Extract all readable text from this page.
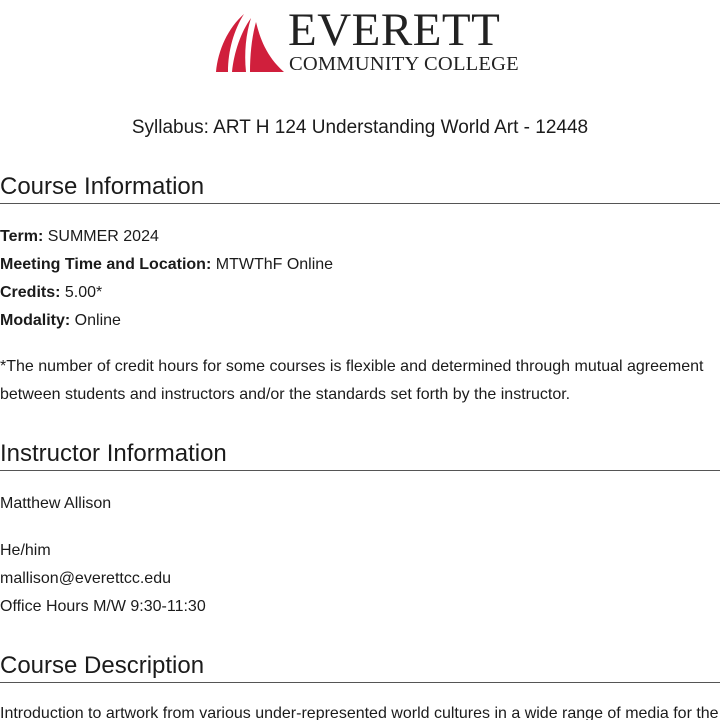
EVERETT
COMMUNITY COLLEGE
Syllabus: ART H 124 Understanding World Art - 12448
Course Information
Term: SUMMER 2024
Meeting Time and Location: MTWThF Online
Credits: 5.00*
Modality: Online
*The number of credit hours for some courses is flexible and determined through mutual agreement between students and instructors and/or the standards set forth by the instructor.
Instructor Information
Matthew Allison
He/him
mallison@everettcc.edu
Office Hours M/W 9:30-11:30
Course Description
Introduction to artwork from various under-represented world cultures in a wide range of media for the
